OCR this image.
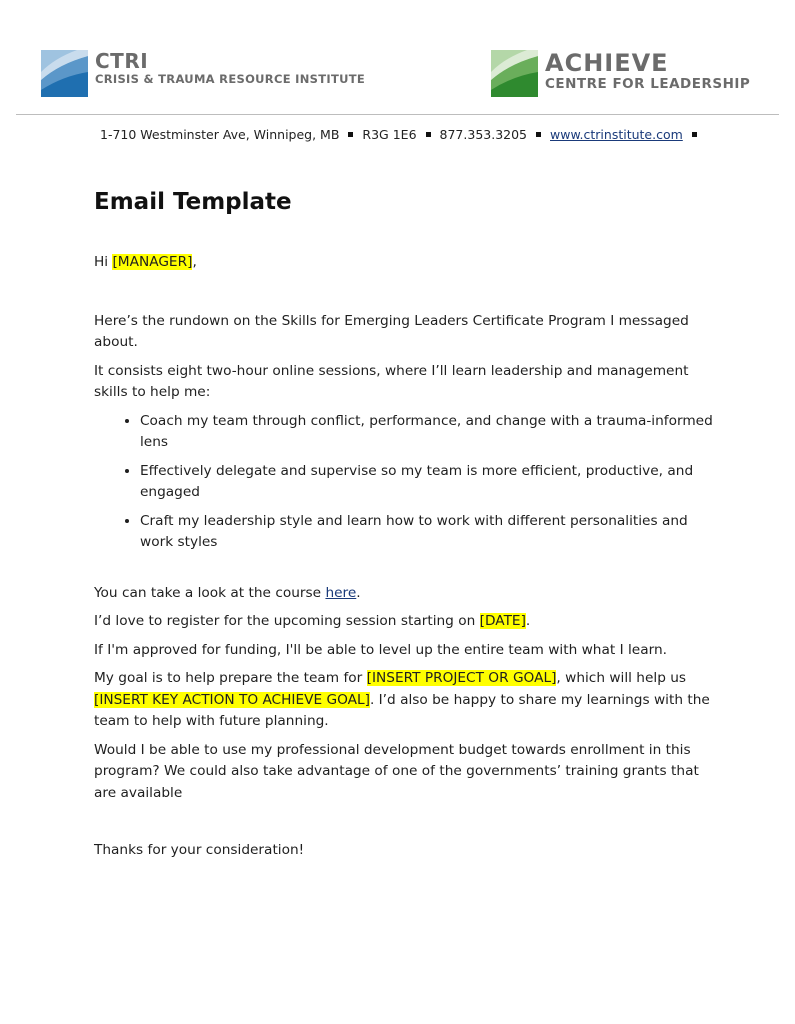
CTRI
CRISIS & TRAUMA RESOURCE INSTITUTE
ACHIEVE
CENTRE FOR LEADERSHIP
1-710 Westminster Ave, Winnipeg, MB R3G 1E6 877.353.3205 www.ctrinstitute.com
Email Template

Hi [MANAGER],

Here’s the rundown on the Skills for Emerging Leaders Certificate Program I messaged about.

It consists eight two-hour online sessions, where I’ll learn leadership and management skills to help me:

• Coach my team through conflict, performance, and change with a trauma-informed lens
• Effectively delegate and supervise so my team is more efficient, productive, and engaged
• Craft my leadership style and learn how to work with different personalities and work styles

You can take a look at the course here.

I’d love to register for the upcoming session starting on [DATE].

If I'm approved for funding, I'll be able to level up the entire team with what I learn.

My goal is to help prepare the team for [INSERT PROJECT OR GOAL], which will help us [INSERT KEY ACTION TO ACHIEVE GOAL]. I’d also be happy to share my learnings with the team to help with future planning.

Would I be able to use my professional development budget towards enrollment in this program? We could also take advantage of one of the governments’ training grants that are available

Thanks for your consideration!
